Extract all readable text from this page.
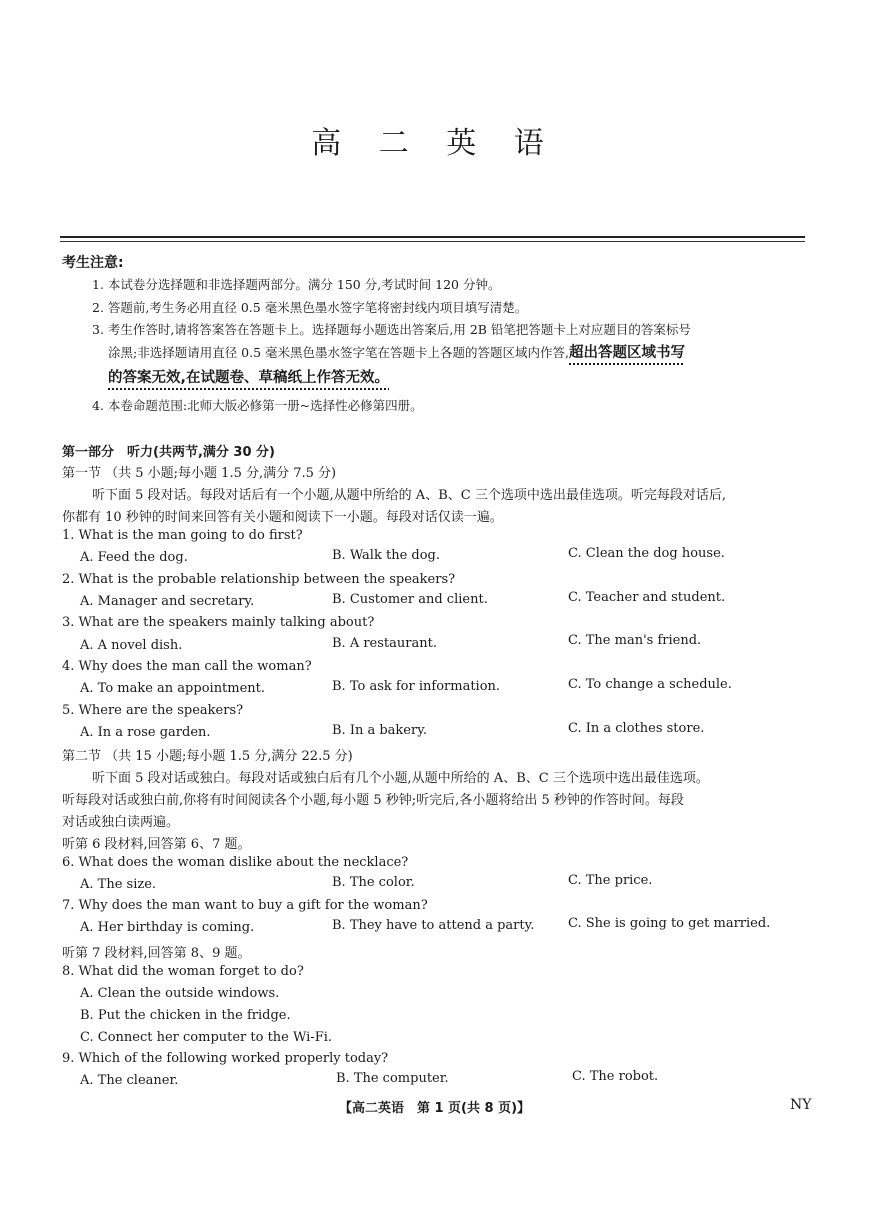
高 二 英 语
考生注意:
1. 本试卷分选择题和非选择题两部分。满分 150 分,考试时间 120 分钟。
2. 答题前,考生务必用直径 0.5 毫米黑色墨水签字笔将密封线内项目填写清楚。
3. 考生作答时,请将答案答在答题卡上。选择题每小题选出答案后,用 2B 铅笔把答题卡上对应题目的答案标号
涂黑;非选择题请用直径 0.5 毫米黑色墨水签字笔在答题卡上各题的答题区域内作答,超出答题区域书写
的答案无效,在试题卷、草稿纸上作答无效。
4. 本卷命题范围:北师大版必修第一册~选择性必修第四册。
第一部分　听力(共两节,满分 30 分)
第一节 （共 5 小题;每小题 1.5 分,满分 7.5 分)
听下面 5 段对话。每段对话后有一个小题,从题中所给的 A、B、C 三个选项中选出最佳选项。听完每段对话后,
你都有 10 秒钟的时间来回答有关小题和阅读下一小题。每段对话仅读一遍。
1. What is the man going to do first?
A. Feed the dog.	B. Walk the dog.	C. Clean the dog house.
2. What is the probable relationship between the speakers?
A. Manager and secretary.	B. Customer and client.	C. Teacher and student.
3. What are the speakers mainly talking about?
A. A novel dish.	B. A restaurant.	C. The man's friend.
4. Why does the man call the woman?
A. To make an appointment.	B. To ask for information.	C. To change a schedule.
5. Where are the speakers?
A. In a rose garden.	B. In a bakery.	C. In a clothes store.
第二节 （共 15 小题;每小题 1.5 分,满分 22.5 分)
听下面 5 段对话或独白。每段对话或独白后有几个小题,从题中所给的 A、B、C 三个选项中选出最佳选项。
听每段对话或独白前,你将有时间阅读各个小题,每小题 5 秒钟;听完后,各小题将给出 5 秒钟的作答时间。每段
对话或独白读两遍。
听第 6 段材料,回答第 6、7 题。
6. What does the woman dislike about the necklace?
A. The size.	B. The color.	C. The price.
7. Why does the man want to buy a gift for the woman?
A. Her birthday is coming.	B. They have to attend a party.	C. She is going to get married.
听第 7 段材料,回答第 8、9 题。
8. What did the woman forget to do?
A. Clean the outside windows.
B. Put the chicken in the fridge.
C. Connect her computer to the Wi-Fi.
9. Which of the following worked properly today?
A. The cleaner.	B. The computer.	C. The robot.
【高二英语　第 1 页(共 8 页)】	NY
